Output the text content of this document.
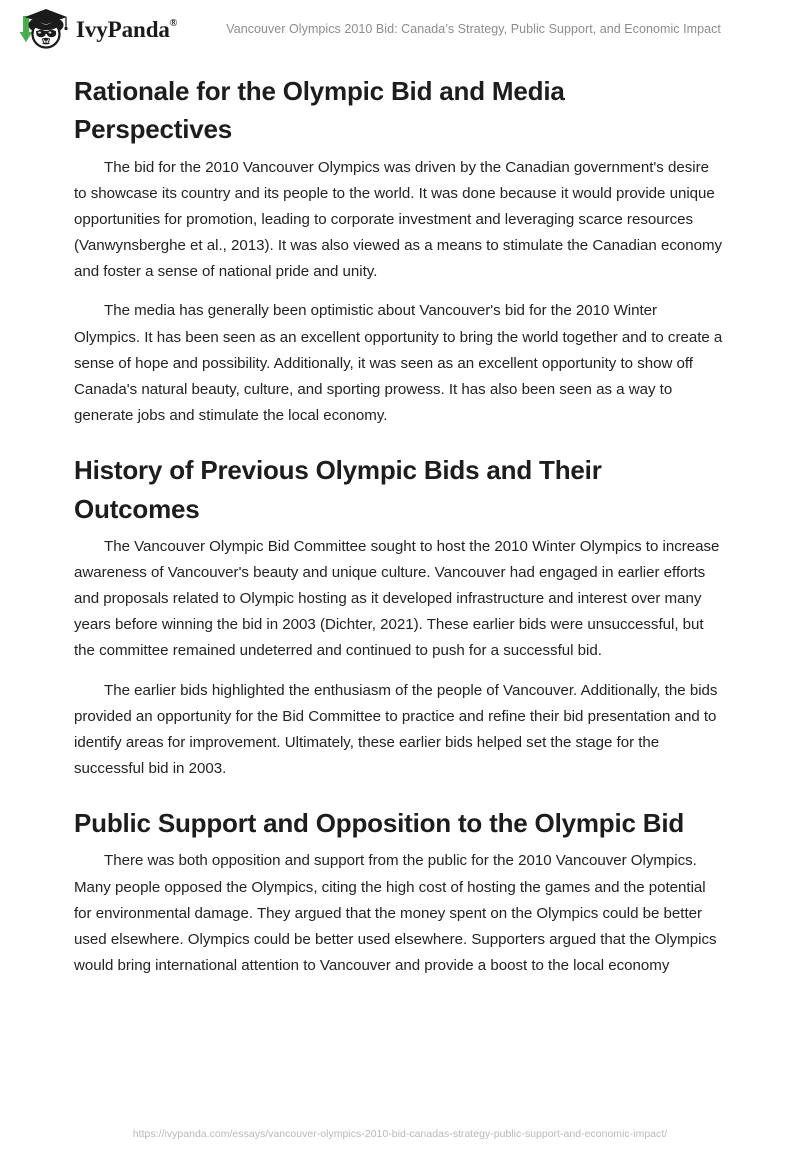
IvyPanda®	Vancouver Olympics 2010 Bid: Canada’s Strategy, Public Support, and Economic Impact
Rationale for the Olympic Bid and Media Perspectives

The bid for the 2010 Vancouver Olympics was driven by the Canadian government's desire to showcase its country and its people to the world. It was done because it would provide unique opportunities for promotion, leading to corporate investment and leveraging scarce resources (Vanwynsberghe et al., 2013). It was also viewed as a means to stimulate the Canadian economy and foster a sense of national pride and unity.

The media has generally been optimistic about Vancouver's bid for the 2010 Winter Olympics. It has been seen as an excellent opportunity to bring the world together and to create a sense of hope and possibility. Additionally, it was seen as an excellent opportunity to show off Canada's natural beauty, culture, and sporting prowess. It has also been seen as a way to generate jobs and stimulate the local economy.

History of Previous Olympic Bids and Their Outcomes

The Vancouver Olympic Bid Committee sought to host the 2010 Winter Olympics to increase awareness of Vancouver's beauty and unique culture. Vancouver had engaged in earlier efforts and proposals related to Olympic hosting as it developed infrastructure and interest over many years before winning the bid in 2003 (Dichter, 2021). These earlier bids were unsuccessful, but the committee remained undeterred and continued to push for a successful bid.

The earlier bids highlighted the enthusiasm of the people of Vancouver. Additionally, the bids provided an opportunity for the Bid Committee to practice and refine their bid presentation and to identify areas for improvement. Ultimately, these earlier bids helped set the stage for the successful bid in 2003.

Public Support and Opposition to the Olympic Bid

There was both opposition and support from the public for the 2010 Vancouver Olympics. Many people opposed the Olympics, citing the high cost of hosting the games and the potential for environmental damage. They argued that the money spent on the Olympics could be better used elsewhere. Olympics could be better used elsewhere. Supporters argued that the Olympics would bring international attention to Vancouver and provide a boost to the local economy

https://ivypanda.com/essays/vancouver-olympics-2010-bid-canadas-strategy-public-support-and-economic-impact/
